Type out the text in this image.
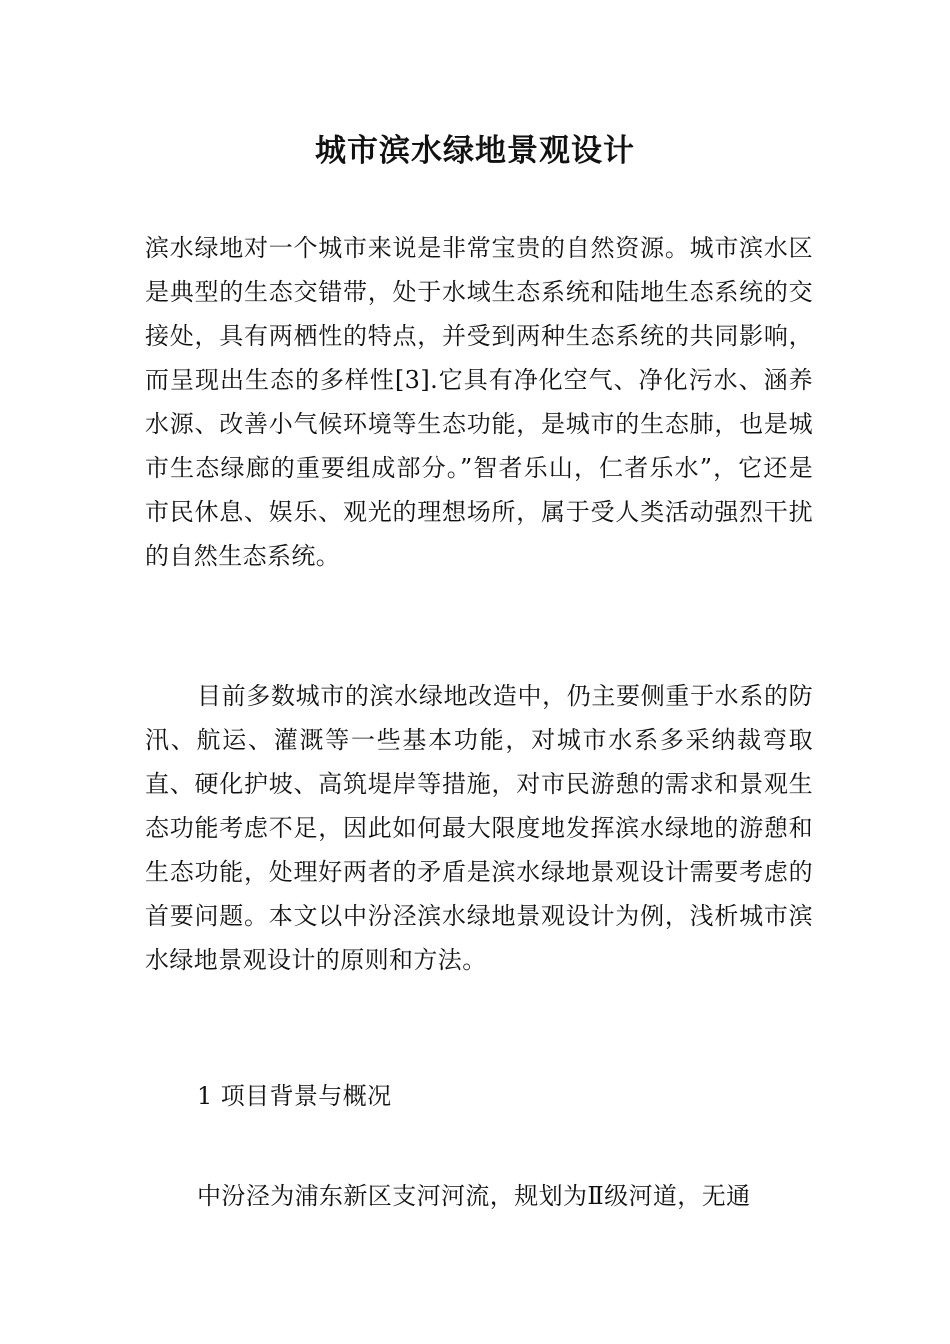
城市滨水绿地景观设计

滨水绿地对一个城市来说是非常宝贵的自然资源。城市滨水区是典型的生态交错带，处于水域生态系统和陆地生态系统的交接处，具有两栖性的特点，并受到两种生态系统的共同影响，而呈现出生态的多样性[3].它具有净化空气、净化污水、涵养水源、改善小气候环境等生态功能，是城市的生态肺，也是城市生态绿廊的重要组成部分。”智者乐山，仁者乐水”，它还是市民休息、娱乐、观光的理想场所，属于受人类活动强烈干扰的自然生态系统。

目前多数城市的滨水绿地改造中，仍主要侧重于水系的防汛、航运、灌溉等一些基本功能，对城市水系多采纳裁弯取直、硬化护坡、高筑堤岸等措施，对市民游憩的需求和景观生态功能考虑不足，因此如何最大限度地发挥滨水绿地的游憩和生态功能，处理好两者的矛盾是滨水绿地景观设计需要考虑的首要问题。本文以中汾泾滨水绿地景观设计为例，浅析城市滨水绿地景观设计的原则和方法。

1 项目背景与概况

中汾泾为浦东新区支河河流，规划为Ⅱ级河道，无通
